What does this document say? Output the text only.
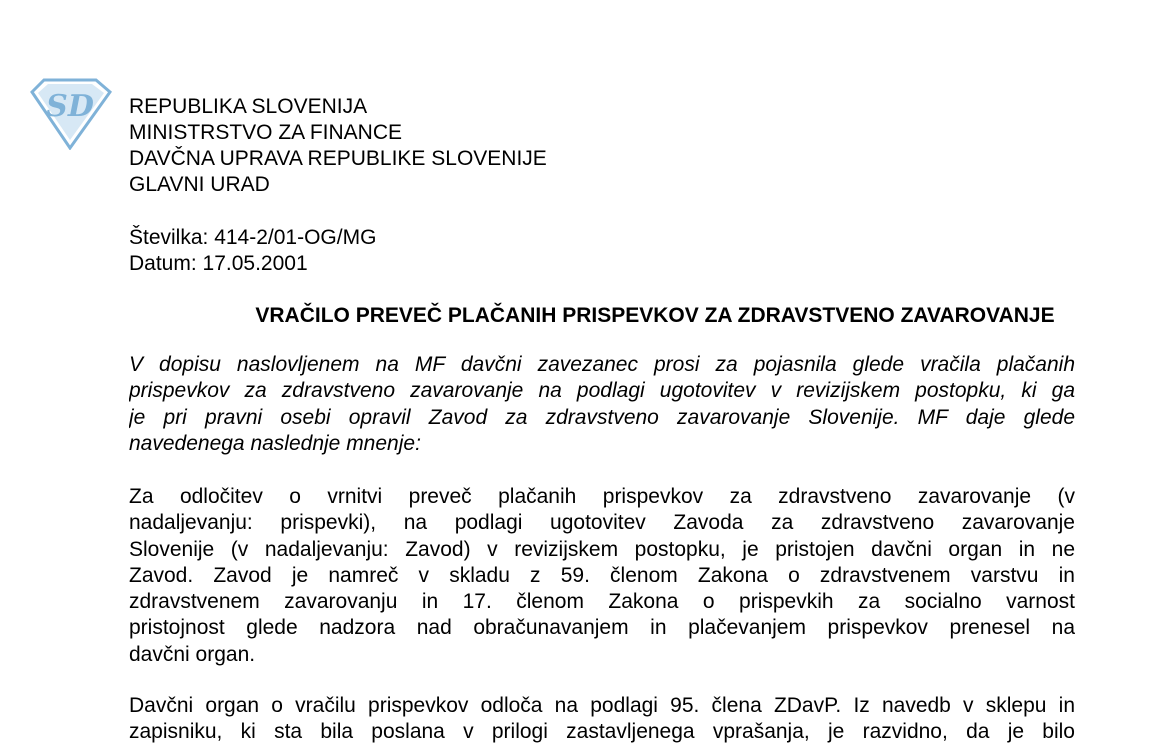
SD REPUBLIKA SLOVENIJA
MINISTRSTVO ZA FINANCE
DAVČNA UPRAVA REPUBLIKE SLOVENIJE
GLAVNI URAD
Številka: 414-2/01-OG/MG
Datum: 17.05.2001
VRAČILO PREVEČ PLAČANIH PRISPEVKOV ZA ZDRAVSTVENO ZAVAROVANJE
V dopisu naslovljenem na MF davčni zavezanec prosi za pojasnila glede vračila plačanih
prispevkov za zdravstveno zavarovanje na podlagi ugotovitev v revizijskem postopku, ki ga
je pri pravni osebi opravil Zavod za zdravstveno zavarovanje Slovenije. MF daje glede
navedenega naslednje mnenje:
Za odločitev o vrnitvi preveč plačanih prispevkov za zdravstveno zavarovanje (v
nadaljevanju: prispevki), na podlagi ugotovitev Zavoda za zdravstveno zavarovanje
Slovenije (v nadaljevanju: Zavod) v revizijskem postopku, je pristojen davčni organ in ne
Zavod. Zavod je namreč v skladu z 59. členom Zakona o zdravstvenem varstvu in
zdravstvenem zavarovanju in 17. členom Zakona o prispevkih za socialno varnost
pristojnost glede nadzora nad obračunavanjem in plačevanjem prispevkov prenesel na
davčni organ.
Davčni organ o vračilu prispevkov odloča na podlagi 95. člena ZDavP. Iz navedb v sklepu in
zapisniku, ki sta bila poslana v prilogi zastavljenega vprašanja, je razvidno, da je bilo
